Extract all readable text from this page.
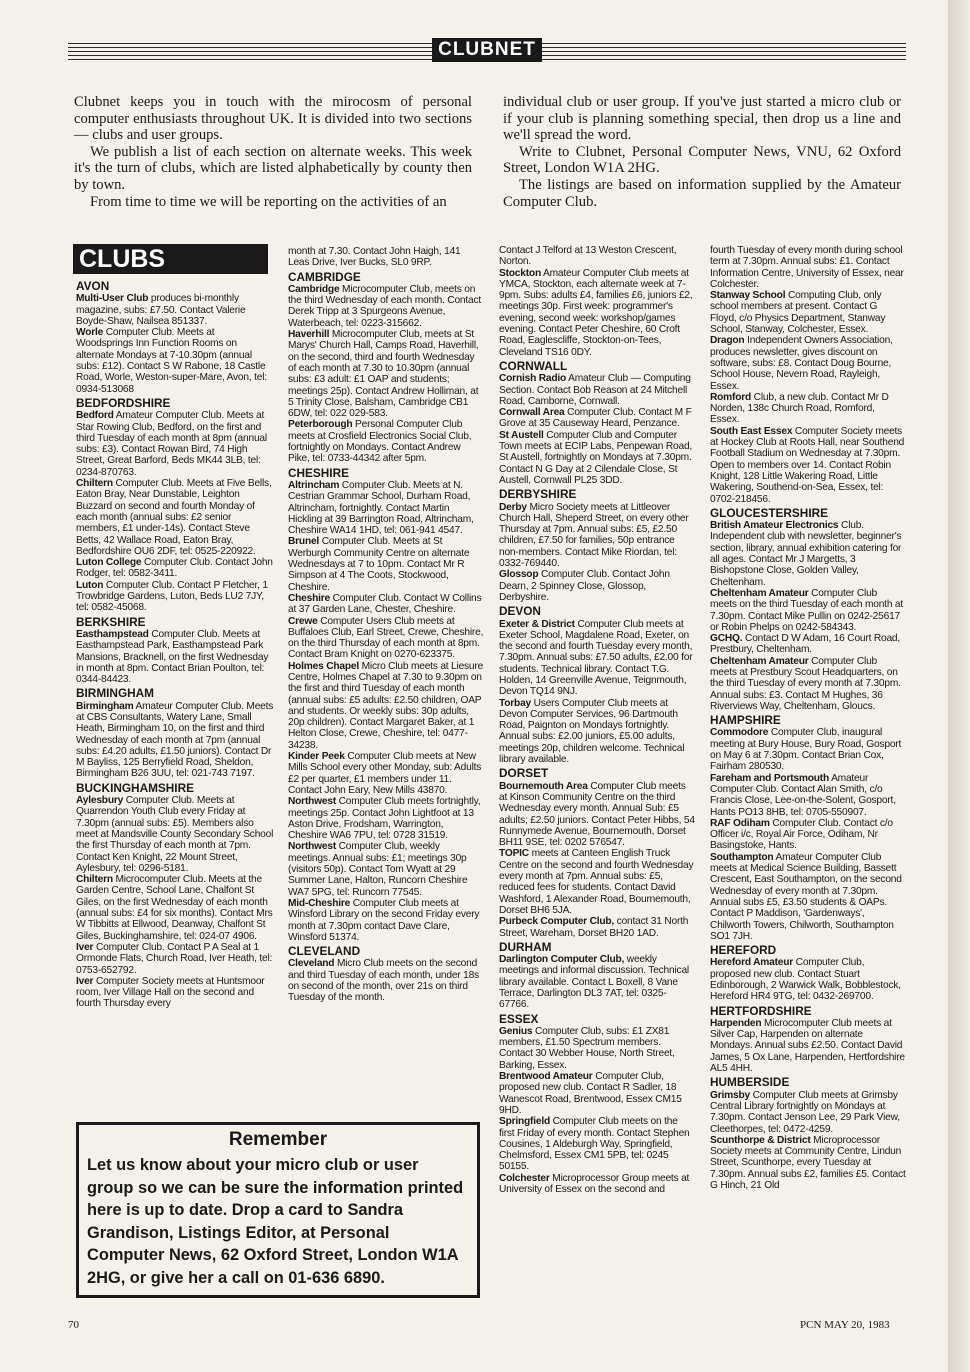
CLUBNET

Clubnet keeps you in touch with the mirocosm of personal computer enthusiasts throughout UK. It is divided into two sections — clubs and user groups.

We publish a list of each section on alternate weeks. This week it's the turn of clubs, which are listed alphabetically by county then by town.

From time to time we will be reporting on the activities of an

individual club or user group. If you've just started a micro club or if your club is planning something special, then drop us a line and we'll spread the word.

Write to Clubnet, Personal Computer News, VNU, 62 Oxford Street, London W1A 2HG.

The listings are based on information supplied by the Amateur Computer Club.

CLUBS
AVON

Multi-User Club produces bi-monthly magazine, subs: £7.50. Contact Valerie Boyde-Shaw, Nailsea 851337.

Worle Computer Club. Meets at Woodsprings Inn Function Rooms on alternate Mondays at 7-10.30pm (annual subs: £12). Contact S W Rabone, 18 Castle Road, Worle, Weston-super-Mare, Avon, tel: 0934-513068

BEDFORDSHIRE

Bedford Amateur Computer Club. Meets at Star Rowing Club, Bedford, on the first and third Tuesday of each month at 8pm (annual subs: £3). Contact Rowan Bird, 74 High Street, Great Barford, Beds MK44 3LB, tel: 0234-870763.

Chiltern Computer Club. Meets at Five Bells, Eaton Bray, Near Dunstable, Leighton Buzzard on second and fourth Monday of each month (annual subs: £2 senior members, £1 under-14s). Contact Steve Betts, 42 Wallace Road, Eaton Bray, Bedfordshire OU6 2DF, tel: 0525-220922.

Luton College Computer Club. Contact John Rodger, tel: 0582-3411.

Luton Computer Club. Contact P Fletcher, 1 Trowbridge Gardens, Luton, Beds LU2 7JY, tel: 0582-45068.

BERKSHIRE

Easthampstead Computer Club. Meets at Easthampstead Park, Easthampstead Park Mansions, Bracknell, on the first Wednesday in month at 8pm. Contact Brian Poulton, tel: 0344-84423.

BIRMINGHAM

Birmingham Amateur Computer Club. Meets at CBS Consultants, Watery Lane, Small Heath, Birmingham 10, on the first and third Wednesday of each month at 7pm (annual subs: £4.20 adults, £1.50 juniors). Contact Dr M Bayliss, 125 Berryfield Road, Sheldon, Birmingham B26 3UU, tel: 021-743 7197.

BUCKINGHAMSHIRE

Aylesbury Computer Club. Meets at Quarrendon Youth Club every Friday at 7.30pm (annual subs: £5). Members also meet at Mandsville County Secondary School the first Thursday of each month at 7pm. Contact Ken Knight, 22 Mount Street, Aylesbury, tel: 0296-5181.

Chiltern Microcomputer Club. Meets at the Garden Centre, School Lane, Chalfont St Giles, on the first Wednesday of each month (annual subs: £4 for six months). Contact Mrs W Tibbitts at Ellwood, Deanway, Chalfont St Giles, Buckinghamshire, tel: 024-07 4906.

Iver Computer Club. Contact P A Seal at 1 Ormonde Flats, Church Road, Iver Heath, tel: 0753-652792.

Iver Computer Society meets at Huntsmoor room, Iver Village Hall on the second and fourth Thursday every

month at 7.30. Contact John Haigh, 141 Leas Drive, Iver Bucks, SL0 9RP.

CAMBRIDGE

Cambridge Microcomputer Club, meets on the third Wednesday of each month. Contact Derek Tripp at 3 Spurgeons Avenue, Waterbeach, tel: 0223-315662.

Haverhill Microcomputer Club, meets at St Marys' Church Hall, Camps Road, Haverhill, on the second, third and fourth Wednesday of each month at 7.30 to 10.30pm (annual subs: £3 adult: £1 OAP and students; meetings 25p). Contact Andrew Holliman, at 5 Trinity Close, Balsham, Cambridge CB1 6DW, tel: 022 029-583.

Peterborough Personal Computer Club meets at Crosfield Electronics Social Club, fortnightly on Mondays. Contact Andrew Pike, tel: 0733-44342 after 5pm.

CHESHIRE

Altrincham Computer Club. Meets at N. Cestrian Grammar School, Durham Road, Altrincham, fortnightly. Contact Martin Hickling at 39 Barrington Road, Altrincham, Cheshire WA14 1HD, tel: 061-941 4547.

Brunel Computer Club. Meets at St Werburgh Community Centre on alternate Wednesdays at 7 to 10pm. Contact Mr R Simpson at 4 The Coots, Stockwood, Cheshire.

Cheshire Computer Club. Contact W Collins at 37 Garden Lane, Chester, Cheshire.

Crewe Computer Users Club meets at Buffaloes Club, Earl Street, Crewe, Cheshire, on the third Thursday of each month at 8pm. Contact Bram Knight on 0270-623375.

Holmes Chapel Micro Club meets at Liesure Centre, Holmes Chapel at 7.30 to 9.30pm on the first and third Tuesday of each month (annual subs: £5 adults: £2.50 children, OAP and students. Or weekly subs: 30p adults, 20p children). Contact Margaret Baker, at 1 Helton Close, Crewe, Cheshire, tel: 0477-34238.

Kinder Peek Computer Club meets at New Mills School every other Monday, sub: Adults £2 per quarter, £1 members under 11. Contact John Eary, New Mills 43870.

Northwest Computer Club meets fortnightly, meetings 25p. Contact John Lightfoot at 13 Aston Drive, Frodsham, Warrington, Cheshire WA6 7PU, tel: 0728 31519.

Northwest Computer Club, weekly meetings. Annual subs: £1; meetings 30p (visitors 50p). Contact Tom Wyatt at 29 Summer Lane, Halton, Runcorn Cheshire WA7 5PG, tel: Runcorn 77545.

Mid-Cheshire Computer Club meets at Winsford Library on the second Friday every month at 7.30pm contact Dave Clare, Winsford 51374.

CLEVELAND

Cleveland Micro Club meets on the second and third Tuesday of each month, under 18s on second of the month, over 21s on third Tuesday of the month.

Contact J Telford at 13 Weston Crescent, Norton.

Stockton Amateur Computer Club meets at YMCA, Stockton, each alternate week at 7-9pm. Subs: adults £4, families £6, juniors £2, meetings 30p. First week: programmer's evening, second week: workshop/games evening. Contact Peter Cheshire, 60 Croft Road, Eaglescliffe, Stockton-on-Tees, Cleveland TS16 0DY.

CORNWALL

Cornish Radio Amateur Club — Computing Section. Contact Bob Reason at 24 Mitchell Road, Camborne, Cornwall.

Cornwall Area Computer Club. Contact M F Grove at 35 Causeway Heard, Penzance.

St Austell Computer Club and Computer Town meets at ECIP Labs, Penpewan Road, St Austell, fortnightly on Mondays at 7.30pm. Contact N G Day at 2 Cilendale Close, St Austell, Cornwall PL25 3DD.

DERBYSHIRE

Derby Micro Society meets at Littleover Church Hall, Sheperd Street, on every other Thursday at 7pm. Annual subs: £5, £2.50 children, £7.50 for families, 50p entrance non-members. Contact Mike Riordan, tel: 0332-769440.

Glossop Computer Club. Contact John Dearn, 2 Spinney Close, Glossop, Derbyshire.

DEVON

Exeter & District Computer Club meets at Exeter School, Magdalene Road, Exeter, on the second and fourth Tuesday every month, 7.30pm. Annual subs: £7.50 adults, £2.00 for students. Technical library. Contact T.G. Holden, 14 Greenville Avenue, Teignmouth, Devon TQ14 9NJ.

Torbay Users Computer Club meets at Devon Computer Services, 96 Dartmouth Road, Paignton on Mondays fortnightly. Annual subs: £2.00 juniors, £5.00 adults, meetings 20p, children welcome. Technical library available.

DORSET

Bournemouth Area Computer Club meets at Kinson Community Centre on the third Wednesday every month. Annual Sub: £5 adults; £2.50 juniors. Contact Peter Hibbs, 54 Runnymede Avenue, Bournemouth, Dorset BH11 9SE, tel: 0202 576547.

TOPIC meets at Canteen English Truck Centre on the second and fourth Wednesday every month at 7pm. Annual subs: £5, reduced fees for students. Contact David Washford, 1 Alexander Road, Bournemouth, Dorset BH6 5JA.

Purbeck Computer Club, contact 31 North Street, Wareham, Dorset BH20 1AD.

DURHAM

Darlington Computer Club, weekly meetings and informal discussion. Technical library available. Contact L Boxell, 8 Vane Terrace, Darlington DL3 7AT, tel: 0325-67766.

ESSEX

Genius Computer Club, subs: £1 ZX81 members, £1.50 Spectrum members. Contact 30 Webber House, North Street, Barking, Essex.

Brentwood Amateur Computer Club, proposed new club. Contact R Sadler, 18 Wanescot Road, Brentwood, Essex CM15 9HD.

Springfield Computer Club meets on the first Friday of every month. Contact Stephen Cousines, 1 Aldeburgh Way, Springfield, Chelmsford, Essex CM1 5PB, tel: 0245 50155.

Colchester Microprocessor Group meets at University of Essex on the second and

fourth Tuesday of every month during school term at 7.30pm. Annual subs: £1. Contact Information Centre, University of Essex, near Colchester.

Stanway School Computing Club, only school members at present. Contact G Floyd, c/o Physics Department, Stanway School, Stanway, Colchester, Essex.

Dragon Independent Owners Association, produces newsletter, gives discount on software, subs: £8. Contact Doug Bourne, School House, Nevern Road, Rayleigh, Essex.

Romford Club, a new club. Contact Mr D Norden, 138c Church Road, Romford, Essex.

South East Essex Computer Society meets at Hockey Club at Roots Hall, near Southend Football Stadium on Wednesday at 7.30pm. Open to members over 14. Contact Robin Knight, 128 Little Wakering Road, Little Wakering, Southend-on-Sea, Essex, tel: 0702-218456.

GLOUCESTERSHIRE

British Amateur Electronics Club. Independent club with newsletter, beginner's section, library, annual exhibition catering for all ages. Contact Mr J Margetts, 3 Bishopstone Close, Golden Valley, Cheltenham.

Cheltenham Amateur Computer Club meets on the third Tuesday of each month at 7.30pm. Contact Mike Pullin on 0242-25617 or Robin Phelps on 0242-584343.

GCHQ. Contact D W Adam, 16 Court Road, Prestbury, Cheltenham.

Cheltenham Amateur Computer Club meets at Prestbury Scout Headquarters, on the third Tuesday of every month at 7.30pm. Annual subs: £3. Contact M Hughes, 36 Riverviews Way, Cheltenham, Gloucs.

HAMPSHIRE

Commodore Computer Club, inaugural meeting at Bury House, Bury Road, Gosport on May 6 at 7.30pm. Contact Brian Cox, Fairham 280530.

Fareham and Portsmouth Amateur Computer Club. Contact Alan Smith, c/o Francis Close, Lee-on-the-Solent, Gosport, Hants PO13 8HB, tel: 0705-550907.

RAF Odiham Computer Club. Contact c/o Officer i/c, Royal Air Force, Odiham, Nr Basingstoke, Hants.

Southampton Amateur Computer Club meets at Medical Science Building, Bassett Crescent, East Southampton, on the second Wednesday of every month at 7.30pm. Annual subs £5, £3.50 students & OAPs. Contact P Maddison, 'Gardenways', Chilworth Towers, Chilworth, Southampton SO1 7JH.

HEREFORD

Hereford Amateur Computer Club, proposed new club. Contact Stuart Edinborough, 2 Warwick Walk, Bobblestock, Hereford HR4 9TG, tel: 0432-269700.

HERTFORDSHIRE

Harpenden Microcomputer Club meets at Silver Cap, Harpenden on alternate Mondays. Annual subs £2.50. Contact David James, 5 Ox Lane, Harpenden, Hertfordshire AL5 4HH.

HUMBERSIDE

Grimsby Computer Club meets at Grimsby Central Library fortnightly on Mondays at 7.30pm. Contact Jenson Lee, 29 Park View, Cleethorpes, tel: 0472-4259.

Scunthorpe & District Microprocessor Society meets at Community Centre, Lindun Street, Scunthorpe, every Tuesday at 7.30pm. Annual subs £2, families £5. Contact G Hinch, 21 Old

Remember

Let us know about your micro club or user group so we can be sure the information printed here is up to date. Drop a card to Sandra Grandison, Listings Editor, at Personal Computer News, 62 Oxford Street, London W1A 2HG, or give her a call on 01-636 6890.

70	PCN MAY 20, 1983
